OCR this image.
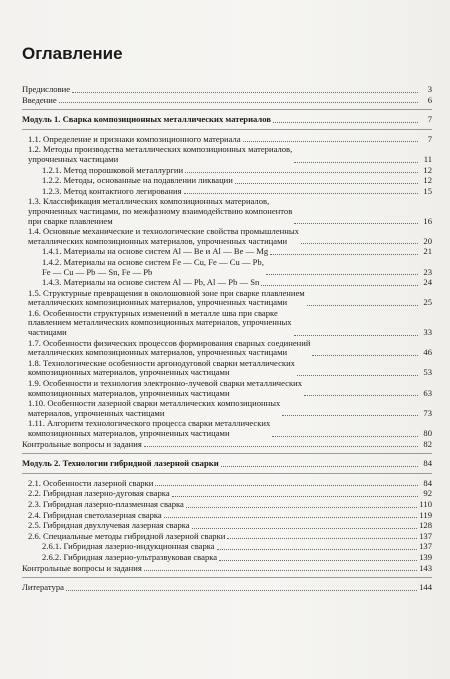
Оглавление
Предисловие	3
Введение	6
Модуль 1. Сварка композиционных металлических материалов	7
1.1. Определение и признаки композиционного материала	7
1.2. Методы производства металлических композиционных материалов,
упрочненных частицами	11
1.2.1. Метод порошковой металлургии	12
1.2.2. Методы, основанные на подавлении ликвации	12
1.2.3. Метод контактного легирования	15
1.3. Классификация металлических композиционных материалов,
упрочненных частицами, по межфазному взаимодействию компонентов
при сварке плавлением	16
1.4. Основные механические и технологические свойства промышленных
металлических композиционных материалов, упрочненных частицами	20
1.4.1. Материалы на основе систем Al — Be и Al — Be — Mg	21
1.4.2. Материалы на основе систем Fe — Cu, Fe — Cu — Pb,
Fe — Cu — Pb — Sn, Fe — Pb	23
1.4.3. Материалы на основе систем Al — Pb, Al — Pb — Sn	24
1.5. Структурные превращения в околошовной зоне при сварке плавлением
металлических композиционных материалов, упрочненных частицами	25
1.6. Особенности структурных изменений в металле шва при сварке
плавлением металлических композиционных материалов, упрочненных
частицами	33
1.7. Особенности физических процессов формирования сварных соединений
металлических композиционных материалов, упрочненных частицами	46
1.8. Технологические особенности аргонодуговой сварки металлических
композиционных материалов, упрочненных частицами	53
1.9. Особенности и технология электронно-лучевой сварки металлических
композиционных материалов, упрочненных частицами	63
1.10. Особенности лазерной сварки металлических композиционных
материалов, упрочненных частицами	73
1.11. Алгоритм технологического процесса сварки металлических
композиционных материалов, упрочненных частицами	80
Контрольные вопросы и задания	82
Модуль 2. Технологии гибридной лазерной сварки	84
2.1. Особенности лазерной сварки	84
2.2. Гибридная лазерно-дуговая сварка	92
2.3. Гибридная лазерно-плазменная сварка	110
2.4. Гибридная светолазерная сварка	119
2.5. Гибридная двухлучевая лазерная сварка	128
2.6. Специальные методы гибридной лазерной сварки	137
2.6.1. Гибридная лазерно-индукционная сварка	137
2.6.2. Гибридная лазерно-ультразвуковая сварка	139
Контрольные вопросы и задания	143
Литература	144
